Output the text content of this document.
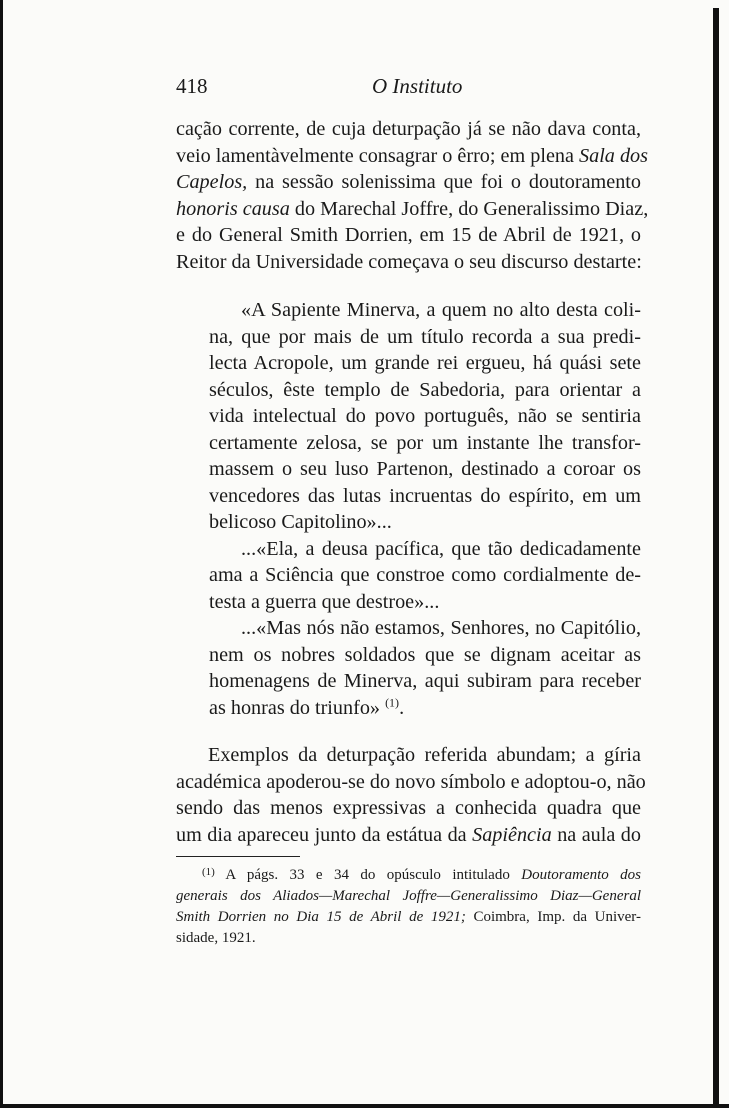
418	O Instituto
cação corrente, de cuja deturpação já se não dava conta,
veio lamentàvelmente consagrar o êrro; em plena Sala dos
Capelos, na sessão solenissima que foi o doutoramento
honoris causa do Marechal Joffre, do Generalissimo Diaz,
e do General Smith Dorrien, em 15 de Abril de 1921, o
Reitor da Universidade começava o seu discurso destarte:
«A Sapiente Minerva, a quem no alto desta coli-
na, que por mais de um título recorda a sua predi-
lecta Acropole, um grande rei ergueu, há quási sete
séculos, êste templo de Sabedoria, para orientar a
vida intelectual do povo português, não se sentiria
certamente zelosa, se por um instante lhe transfor-
massem o seu luso Partenon, destinado a coroar os
vencedores das lutas incruentas do espírito, em um
belicoso Capitolino»...
...«Ela, a deusa pacífica, que tão dedicadamente
ama a Sciência que constroe como cordialmente de-
testa a guerra que destroe»...
...«Mas nós não estamos, Senhores, no Capitólio,
nem os nobres soldados que se dignam aceitar as
homenagens de Minerva, aqui subiram para receber
as honras do triunfo» $^{(1)}$.
Exemplos da deturpação referida abundam; a gíria
académica apoderou-se do novo símbolo e adoptou-o, não
sendo das menos expressivas a conhecida quadra que
um dia apareceu junto da estátua da Sapiência na aula do
$^{(1)}$ A págs. 33 e 34 do opúsculo intitulado Doutoramento dos
generais dos Aliados—Marechal Joffre—Generalissimo Diaz—General
Smith Dorrien no Dia 15 de Abril de 1921; Coimbra, Imp. da Univer-
sidade, 1921.
